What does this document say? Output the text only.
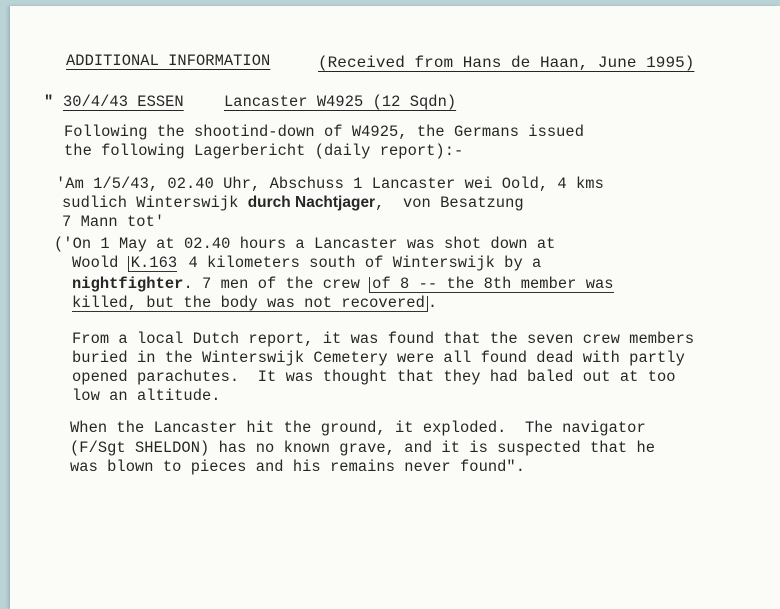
ADDITIONAL INFORMATION	(Received from Hans de Haan, June 1995)
" 30/4/43 ESSEN	Lancaster W4925 (12 Sqdn)
Following the shootind-down of W4925, the Germans issued
the following Lagerbericht (daily report):-
'Am 1/5/43, 02.40 Uhr, Abschuss 1 Lancaster wei Oold, 4 kms
sudlich Winterswijk durch Nachtjager,  von Besatzung
7 Mann tot'
('On 1 May at 02.40 hours a Lancaster was shot down at
Woold K.163 4 kilometers south of Winterswijk by a
nightfighter. 7 men of the crew of 8 -- the 8th member was
killed, but the body was not recovered .
From a local Dutch report, it was found that the seven crew members
buried in the Winterswijk Cemetery were all found dead with partly
opened parachutes.  It was thought that they had baled out at too
low an altitude.
When the Lancaster hit the ground, it exploded.  The navigator
(F/Sgt SHELDON) has no known grave, and it is suspected that he
was blown to pieces and his remains never found".
